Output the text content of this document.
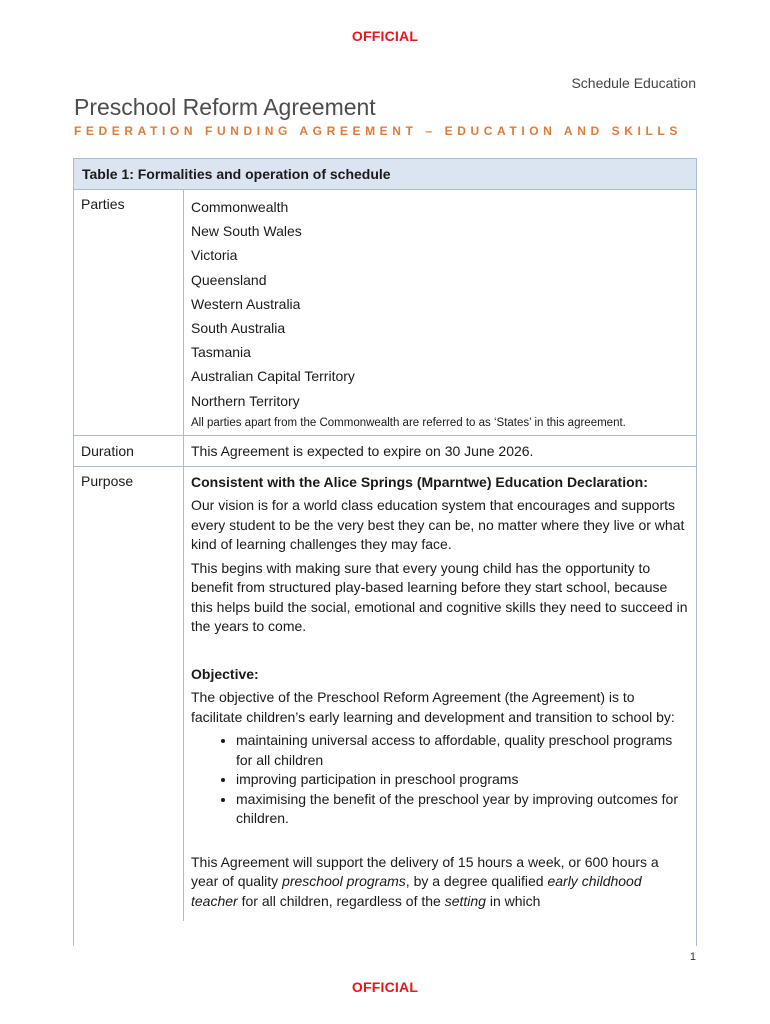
OFFICIAL
Schedule Education
Preschool Reform Agreement
FEDERATION FUNDING AGREEMENT – EDUCATION AND SKILLS
Table 1: Formalities and operation of schedule
Parties	Commonwealth
New South Wales
Victoria
Queensland
Western Australia
South Australia
Tasmania
Australian Capital Territory
Northern Territory
All parties apart from the Commonwealth are referred to as ‘States’ in this agreement.
Duration	This Agreement is expected to expire on 30 June 2026.
Purpose	Consistent with the Alice Springs (Mparntwe) Education Declaration:

Our vision is for a world class education system that encourages and supports every student to be the very best they can be, no matter where they live or what kind of learning challenges they may face.

This begins with making sure that every young child has the opportunity to benefit from structured play-based learning before they start school, because this helps build the social, emotional and cognitive skills they need to succeed in the years to come.

Objective:

The objective of the Preschool Reform Agreement (the Agreement) is to facilitate children’s early learning and development and transition to school by:

• maintaining universal access to affordable, quality preschool programs for all children
• improving participation in preschool programs
• maximising the benefit of the preschool year by improving outcomes for children.

This Agreement will support the delivery of 15 hours a week, or 600 hours a year of quality preschool programs, by a degree qualified early childhood teacher for all children, regardless of the setting in which

1
OFFICIAL
